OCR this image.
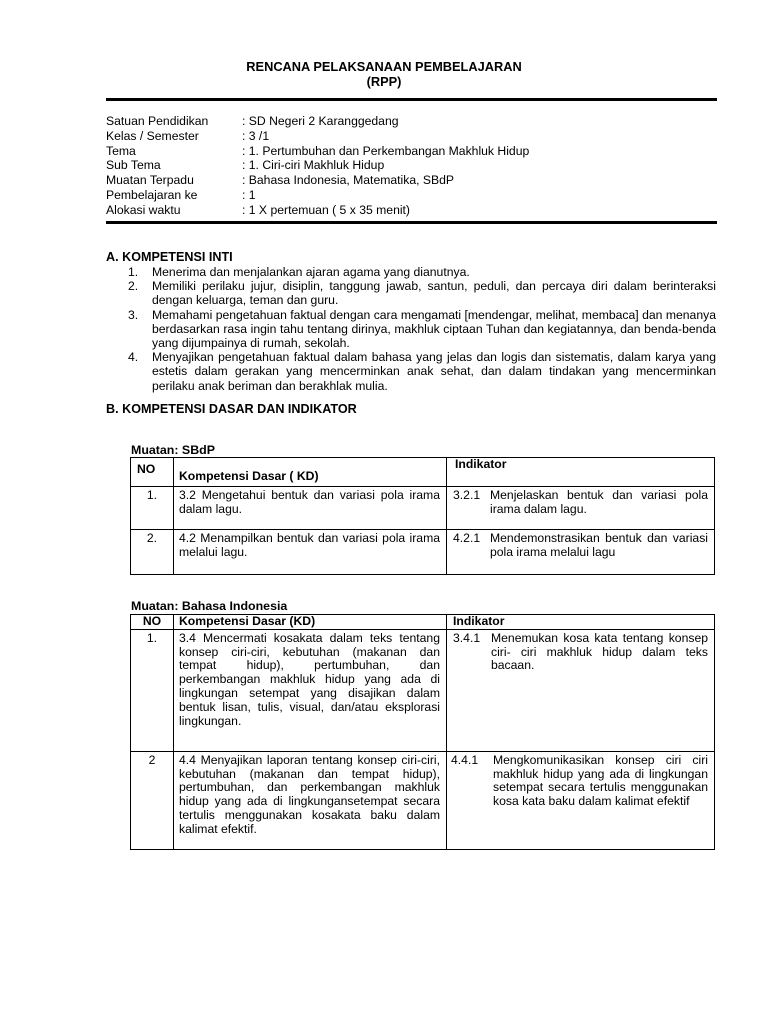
RENCANA PELAKSANAAN PEMBELAJARAN
(RPP)
Satuan Pendidikan	: SD Negeri 2 Karanggedang
Kelas / Semester	: 3 /1
Tema	: 1. Pertumbuhan dan Perkembangan Makhluk Hidup
Sub Tema	: 1. Ciri-ciri Makhluk Hidup
Muatan Terpadu	: Bahasa Indonesia, Matematika, SBdP
Pembelajaran ke	: 1
Alokasi waktu	: 1 X pertemuan ( 5 x 35 menit)
A. KOMPETENSI INTI
1. Menerima dan menjalankan ajaran agama yang dianutnya.
2. Memiliki perilaku jujur, disiplin, tanggung jawab, santun, peduli, dan percaya diri dalam berinteraksi dengan keluarga, teman dan guru.
3. Memahami pengetahuan faktual dengan cara mengamati [mendengar, melihat, membaca] dan menanya berdasarkan rasa ingin tahu tentang dirinya, makhluk ciptaan Tuhan dan kegiatannya, dan benda-benda yang dijumpainya di rumah, sekolah.
4. Menyajikan pengetahuan faktual dalam bahasa yang jelas dan logis dan sistematis, dalam karya yang estetis dalam gerakan yang mencerminkan anak sehat, dan dalam tindakan yang mencerminkan perilaku anak beriman dan berakhlak mulia.
B. KOMPETENSI DASAR DAN INDIKATOR
Muatan: SBdP
NO	Kompetensi Dasar ( KD)	Indikator
1.	3.2 Mengetahui bentuk dan variasi pola irama dalam lagu.	3.2.1 Menjelaskan bentuk dan variasi pola irama dalam lagu.

2.	4.2 Menampilkan bentuk dan variasi pola irama melalui lagu.	4.2.1 Mendemonstrasikan bentuk dan variasi pola irama melalui lagu
Muatan: Bahasa Indonesia
NO	Kompetensi Dasar (KD)	Indikator
1.	3.4 Mencermati kosakata dalam teks tentang konsep ciri-ciri, kebutuhan (makanan dan tempat hidup), pertumbuhan, dan perkembangan makhluk hidup yang ada di lingkungan setempat yang disajikan dalam bentuk lisan, tulis, visual, dan/atau eksplorasi lingkungan.	3.4.1 Menemukan kosa kata tentang konsep ciri- ciri makhluk hidup dalam teks bacaan.

2	4.4 Menyajikan laporan tentang konsep ciri-ciri, kebutuhan (makanan dan tempat hidup), pertumbuhan, dan perkembangan makhluk hidup yang ada di lingkungansetempat secara tertulis menggunakan kosakata baku dalam kalimat efektif.	4.4.1 Mengkomunikasikan konsep ciri ciri makhluk hidup yang ada di lingkungan setempat secara tertulis menggunakan kosa kata baku dalam kalimat efektif
